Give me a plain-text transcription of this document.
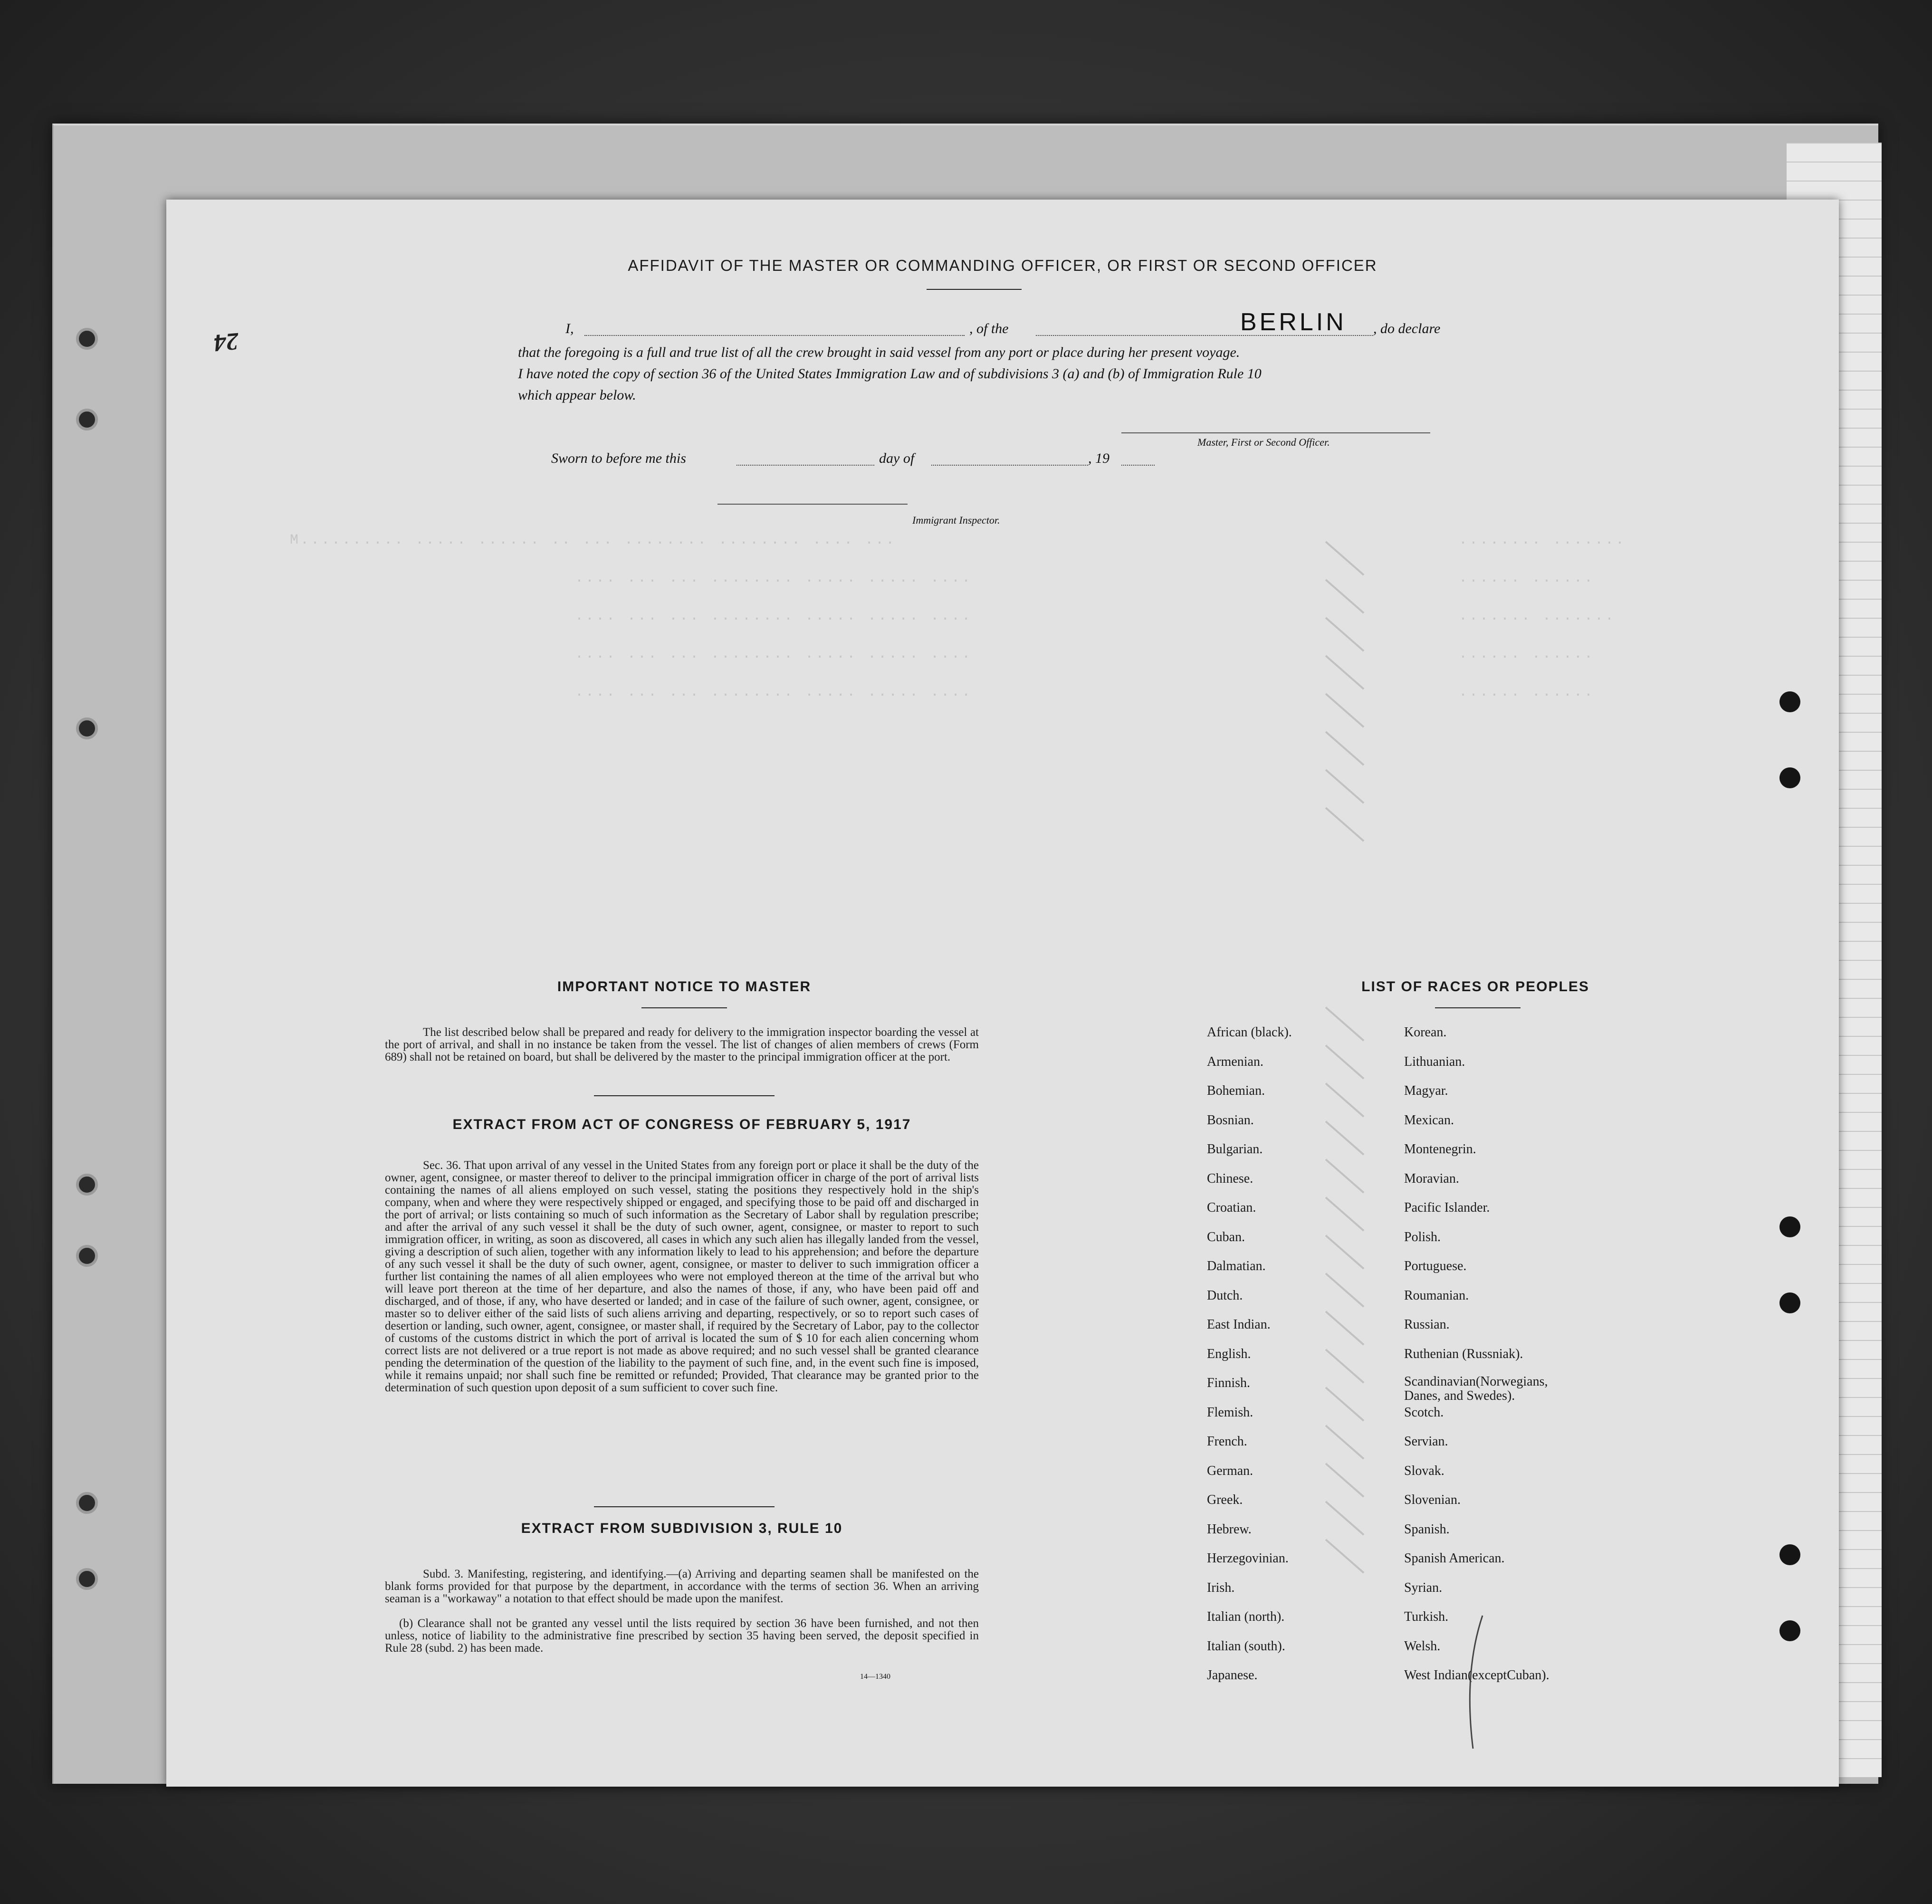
M.......... ..... ...... .. ... ........ ........ .... ...
.... ... ... ........ ..... ..... ....
.... ... ... ........ ..... ..... ....
.... ... ... ........ ..... ..... ....
.... ... ... ........ ..... ..... ....
........ .......
...... ......
....... .......
...... ......
...... ......
24
AFFIDAVIT OF THE MASTER OR COMMANDING OFFICER, OR FIRST OR SECOND OFFICER
I,	, of the	BERLIN , do declare
that the foregoing is a full and true list of all the crew brought in said vessel from any port or place during her present voyage.
I have noted the copy of section 36 of the United States Immigration Law and of subdivisions 3 (a) and (b) of Immigration Rule 10
which appear below.
Master, First or Second Officer.
Sworn to before me this	day of	, 19
Immigrant Inspector.
IMPORTANT NOTICE TO MASTER
The list described below shall be prepared and ready for delivery to the immigration inspector boarding the vessel at the port of arrival, and shall in no instance be taken from the vessel. The list of changes of alien members of crews (Form 689) shall not be retained on board, but shall be delivered by the master to the principal immigration officer at the port.
EXTRACT FROM ACT OF CONGRESS OF FEBRUARY 5, 1917
Sec. 36. That upon arrival of any vessel in the United States from any foreign port or place it shall be the duty of the owner, agent, consignee, or master thereof to deliver to the principal immigration officer in charge of the port of arrival lists containing the names of all aliens employed on such vessel, stating the positions they respectively hold in the ship's company, when and where they were respectively shipped or engaged, and specifying those to be paid off and discharged in the port of arrival; or lists containing so much of such information as the Secretary of Labor shall by regulation prescribe; and after the arrival of any such vessel it shall be the duty of such owner, agent, consignee, or master to report to such immigration officer, in writing, as soon as discovered, all cases in which any such alien has illegally landed from the vessel, giving a description of such alien, together with any information likely to lead to his apprehension; and before the departure of any such vessel it shall be the duty of such owner, agent, consignee, or master to deliver to such immigration officer a further list containing the names of all alien employees who were not employed thereon at the time of the arrival but who will leave port thereon at the time of her departure, and also the names of those, if any, who have been paid off and discharged, and of those, if any, who have deserted or landed; and in case of the failure of such owner, agent, consignee, or master so to deliver either of the said lists of such aliens arriving and departing, respectively, or so to report such cases of desertion or landing, such owner, agent, consignee, or master shall, if required by the Secretary of Labor, pay to the collector of customs of the customs district in which the port of arrival is located the sum of $ 10 for each alien concerning whom correct lists are not delivered or a true report is not made as above required; and no such vessel shall be granted clearance pending the determination of the question of the liability to the payment of such fine, and, in the event such fine is imposed, while it remains unpaid; nor shall such fine be remitted or refunded; Provided, That clearance may be granted prior to the determination of such question upon deposit of a sum sufficient to cover such fine.
EXTRACT FROM SUBDIVISION 3, RULE 10
Subd. 3. Manifesting, registering, and identifying.—(a) Arriving and departing seamen shall be manifested on the blank forms provided for that purpose by the department, in accordance with the terms of section 36. When an arriving seaman is a "workaway" a notation to that effect should be made upon the manifest.
(b) Clearance shall not be granted any vessel until the lists required by section 36 have been furnished, and not then unless, notice of liability to the administrative fine prescribed by section 35 having been served, the deposit specified in Rule 28 (subd. 2) has been made.
14—1340
LIST OF RACES OR PEOPLES
African (black).
Armenian.
Bohemian.
Bosnian.
Bulgarian.
Chinese.
Croatian.
Cuban.
Dalmatian.
Dutch.
East Indian.
English.
Finnish.
Flemish.
French.
German.
Greek.
Hebrew.
Herzegovinian.
Irish.
Italian (north).
Italian (south).
Japanese.
Korean.
Lithuanian.
Magyar.
Mexican.
Montenegrin.
Moravian.
Pacific Islander.
Polish.
Portuguese.
Roumanian.
Russian.
Ruthenian (Russniak).
Scandinavian(Norwegians, Danes, and Swedes).
Scotch.
Servian.
Slovak.
Slovenian.
Spanish.
Spanish American.
Syrian.
Turkish.
Welsh.
West Indian(exceptCuban).
